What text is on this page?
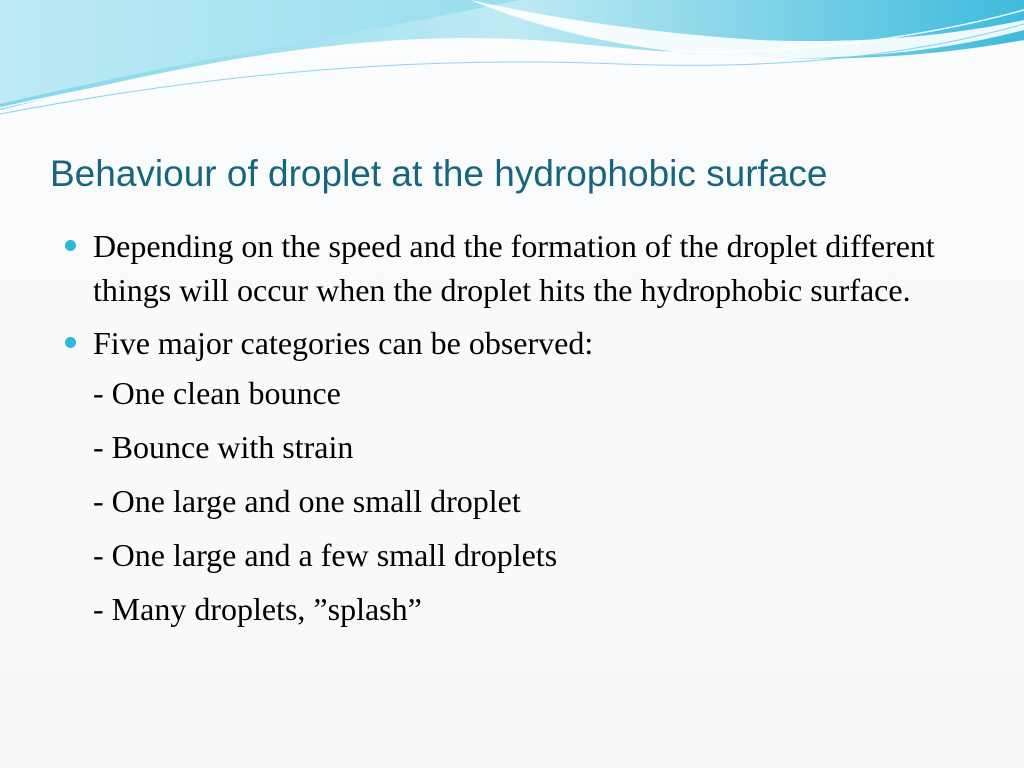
Behaviour of droplet at the hydrophobic surface
Depending on the speed and the formation of the droplet different things will occur when the droplet hits the hydrophobic surface.
Five major categories can be observed:
- One clean bounce
- Bounce with strain
- One large and one small droplet
- One large and a few small droplets
- Many droplets, ”splash”
